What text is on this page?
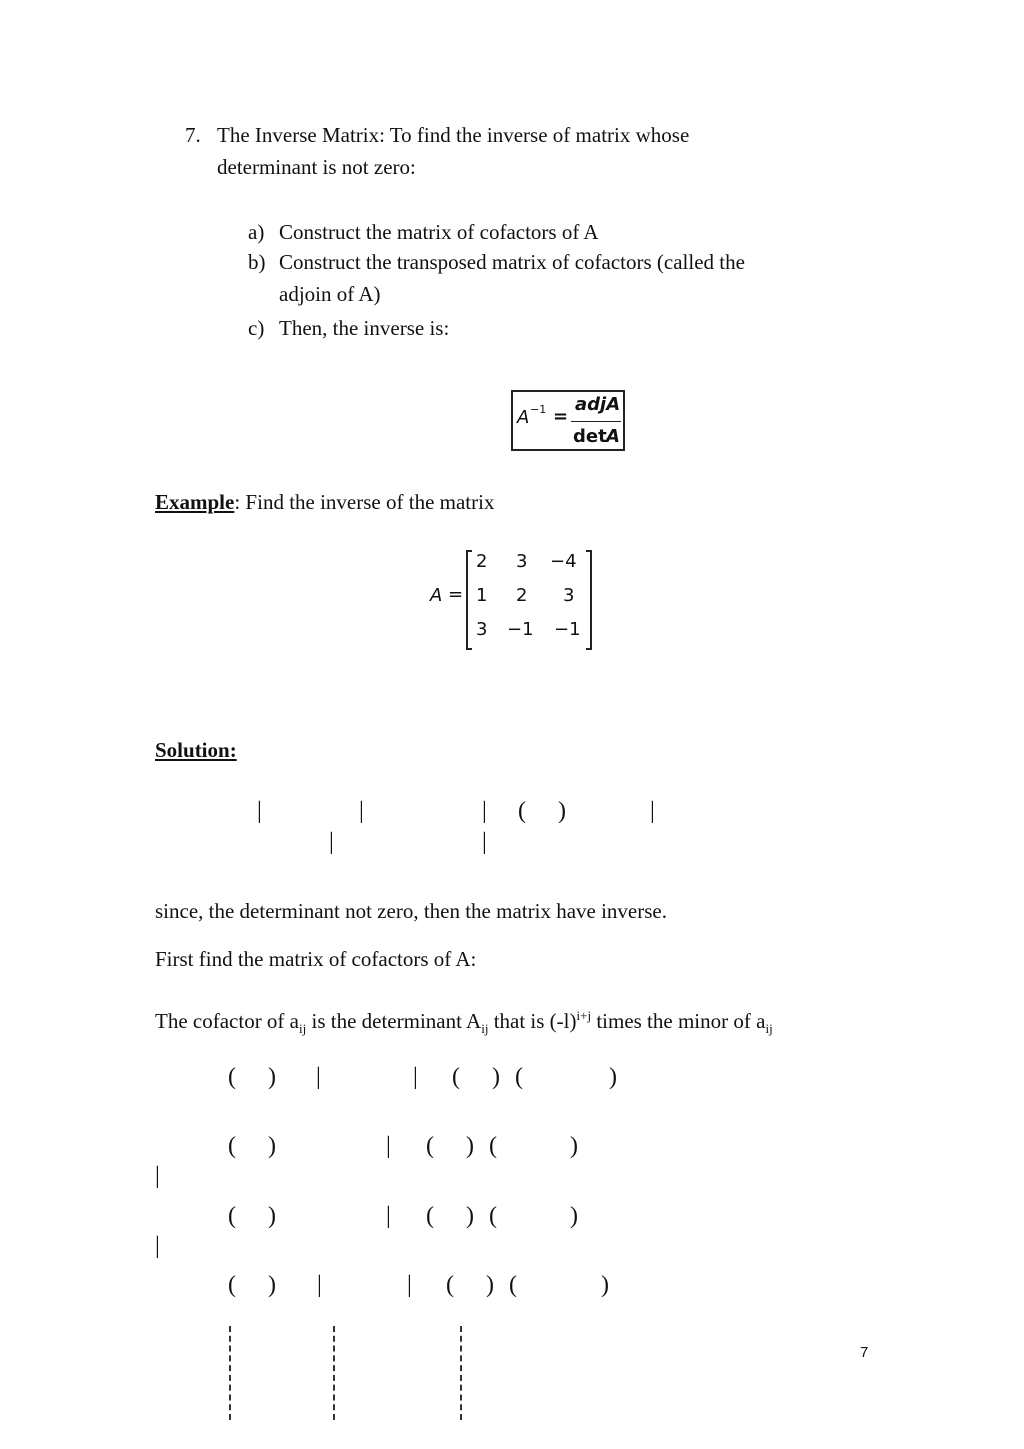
7. The Inverse Matrix: To find the inverse of matrix whose
determinant is not zero:
a) Construct the matrix of cofactors of A
b) Construct the transposed matrix of cofactors (called the
adjoin of A)
c) Then, the inverse is:
A −1 =
adjA
det A
Example: Find the inverse of the matrix
A =
2 3 −4
1 2 3
3 −1 −1
Solution:
|	|	| ( )	|
|	|
since, the determinant not zero, then the matrix have inverse.
First find the matrix of cofactors of A:
The cofactor of $a_{ij}$ is the determinant $A_{ij}$ that is $(-l)^{i+j}$ times the minor of $a_{ij}$
( ) |	| ( ) (	)
( )	| ( ) (	)
|
( )	| ( ) (	)
|
( ) |	| ( ) (	)
7
